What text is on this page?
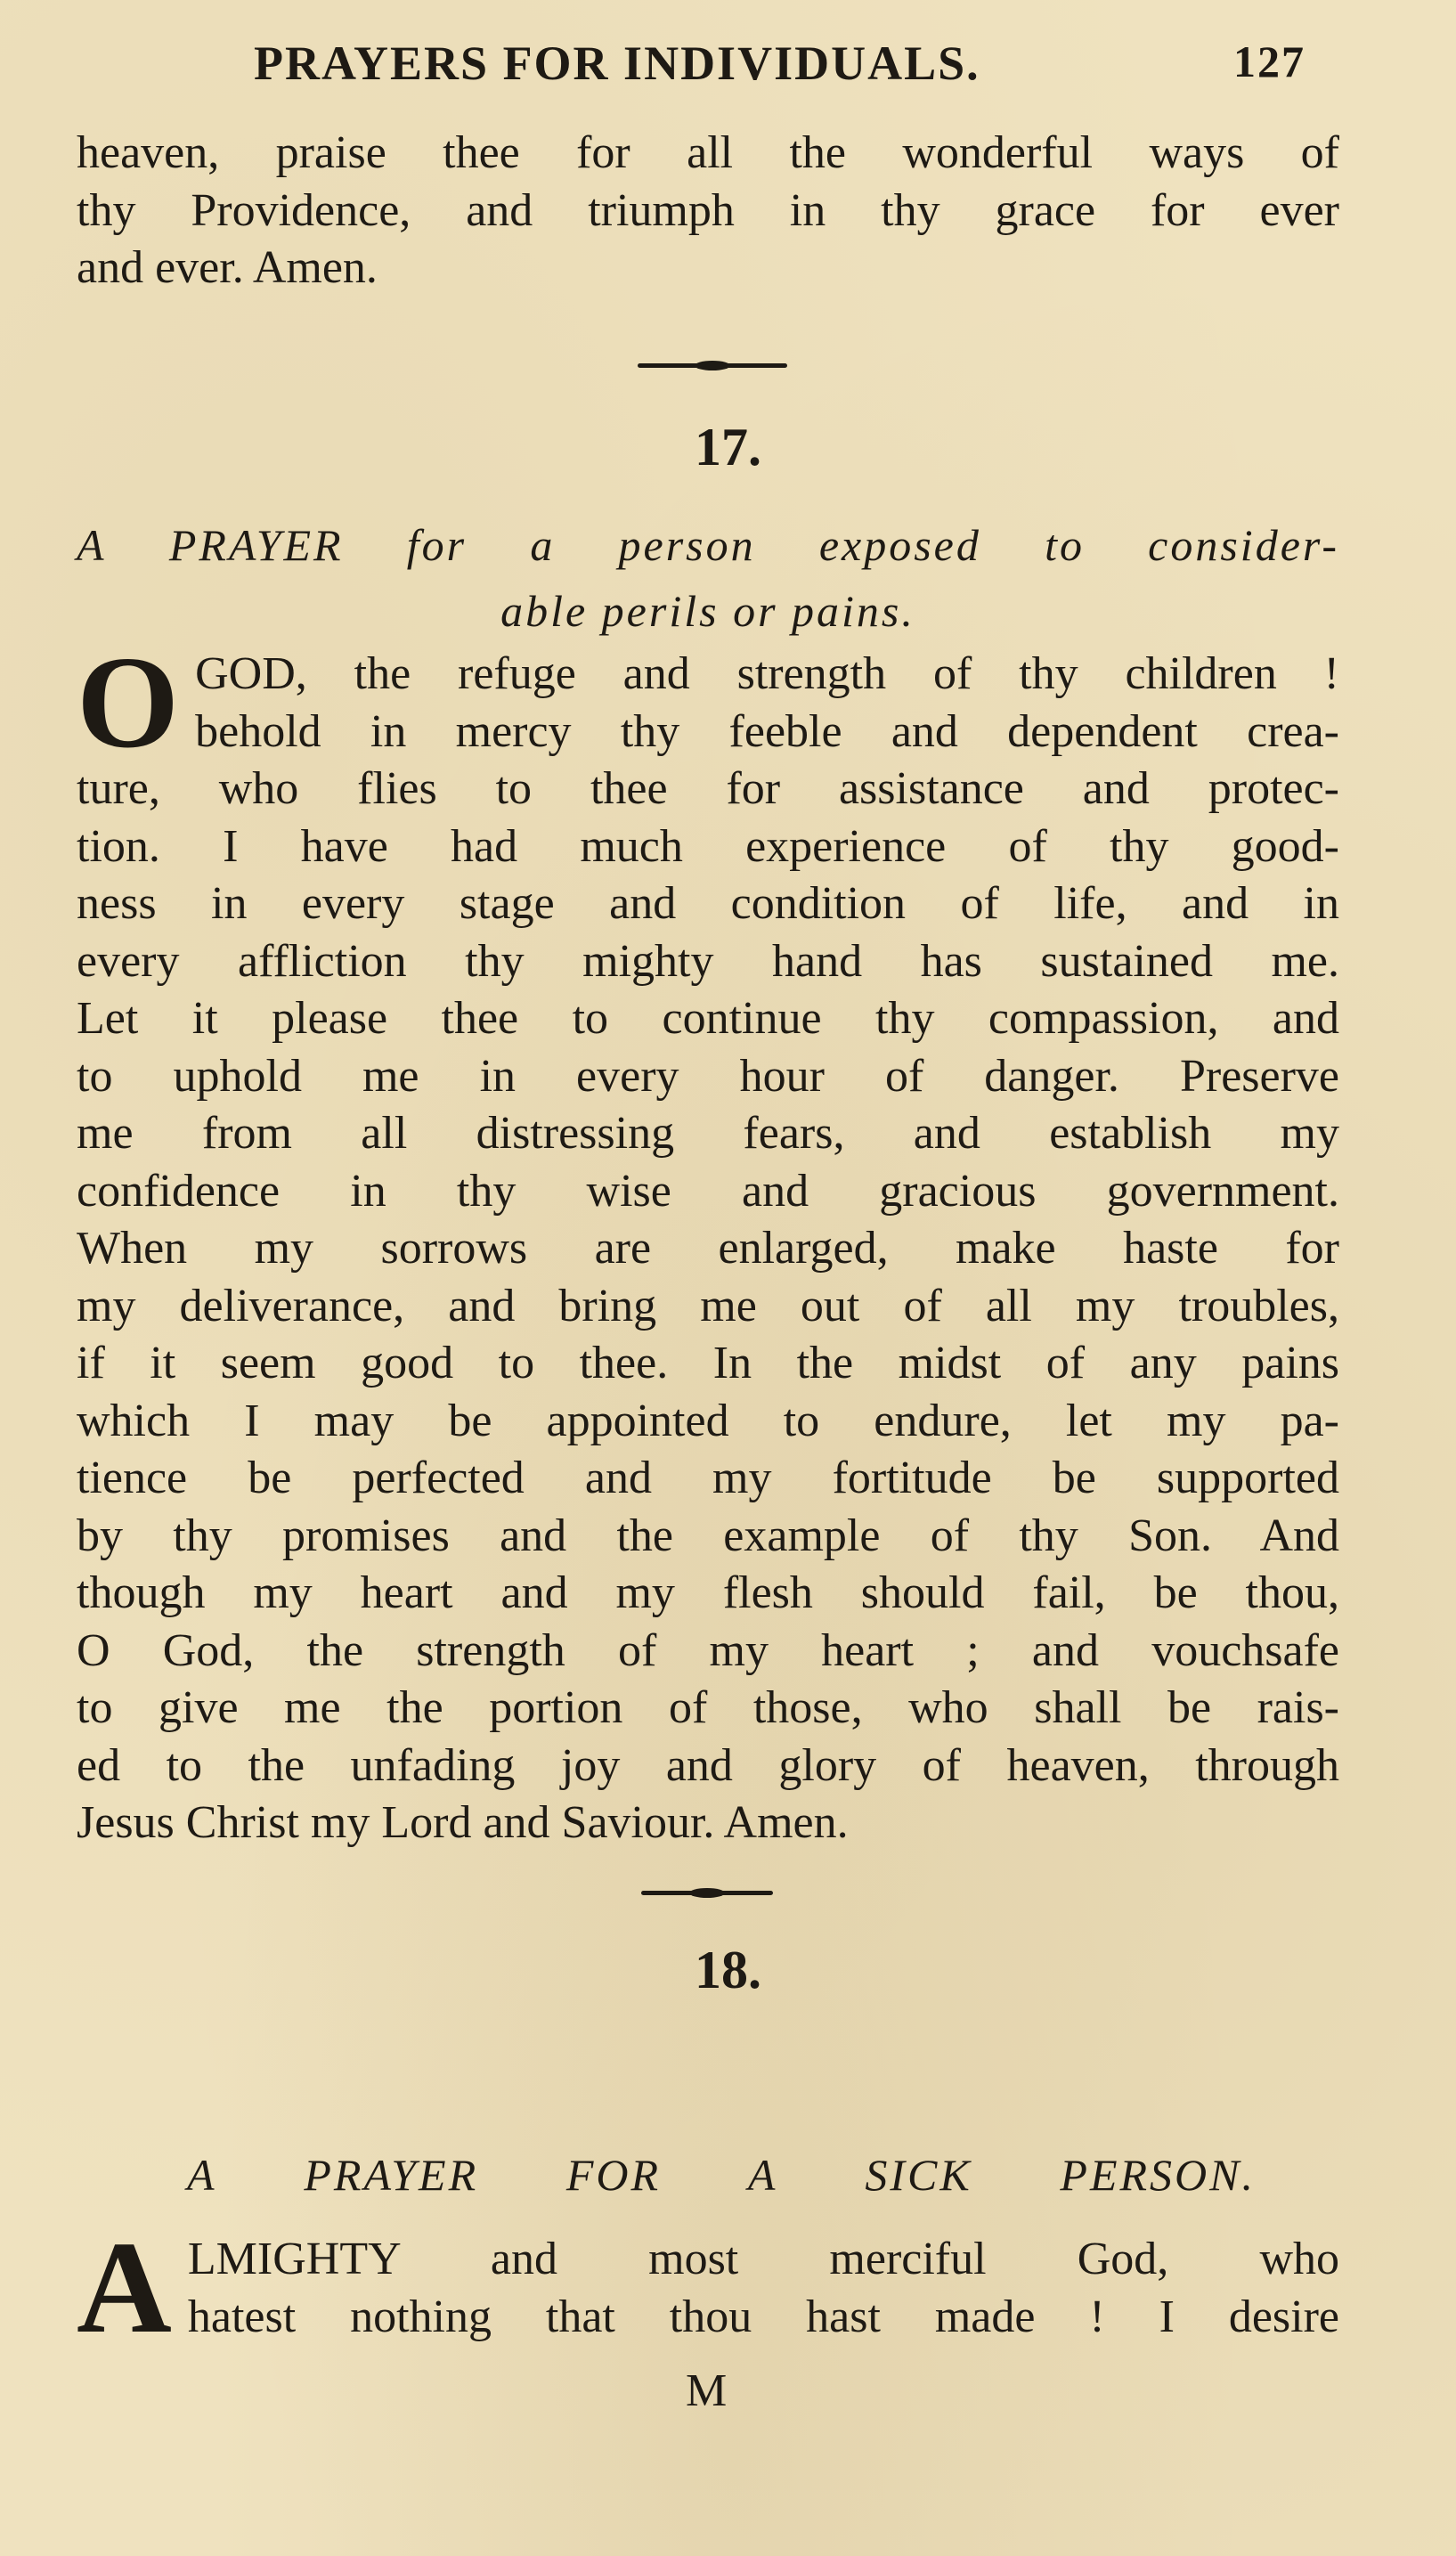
PRAYERS FOR INDIVIDUALS.	127
heaven, praise thee for all the wonderful ways of
thy Providence, and triumph in thy grace for ever
and ever. Amen.
17.
A PRAYER for a person exposed to consider-
able perils or pains.
O GOD, the refuge and strength of thy children !
behold in mercy thy feeble and dependent crea-
ture, who flies to thee for assistance and protec-
tion. I have had much experience of thy good-
ness in every stage and condition of life, and in
every affliction thy mighty hand has sustained me.
Let it please thee to continue thy compassion, and
to uphold me in every hour of danger. Preserve
me from all distressing fears, and establish my
confidence in thy wise and gracious government.
When my sorrows are enlarged, make haste for
my deliverance, and bring me out of all my troubles,
if it seem good to thee. In the midst of any pains
which I may be appointed to endure, let my pa-
tience be perfected and my fortitude be supported
by thy promises and the example of thy Son. And
though my heart and my flesh should fail, be thou,
O God, the strength of my heart ; and vouchsafe
to give me the portion of those, who shall be rais-
ed to the unfading joy and glory of heaven, through
Jesus Christ my Lord and Saviour. Amen.
18.
A PRAYER FOR A SICK PERSON.
A LMIGHTY and most merciful God, who
hatest nothing that thou hast made ! I desire
M
